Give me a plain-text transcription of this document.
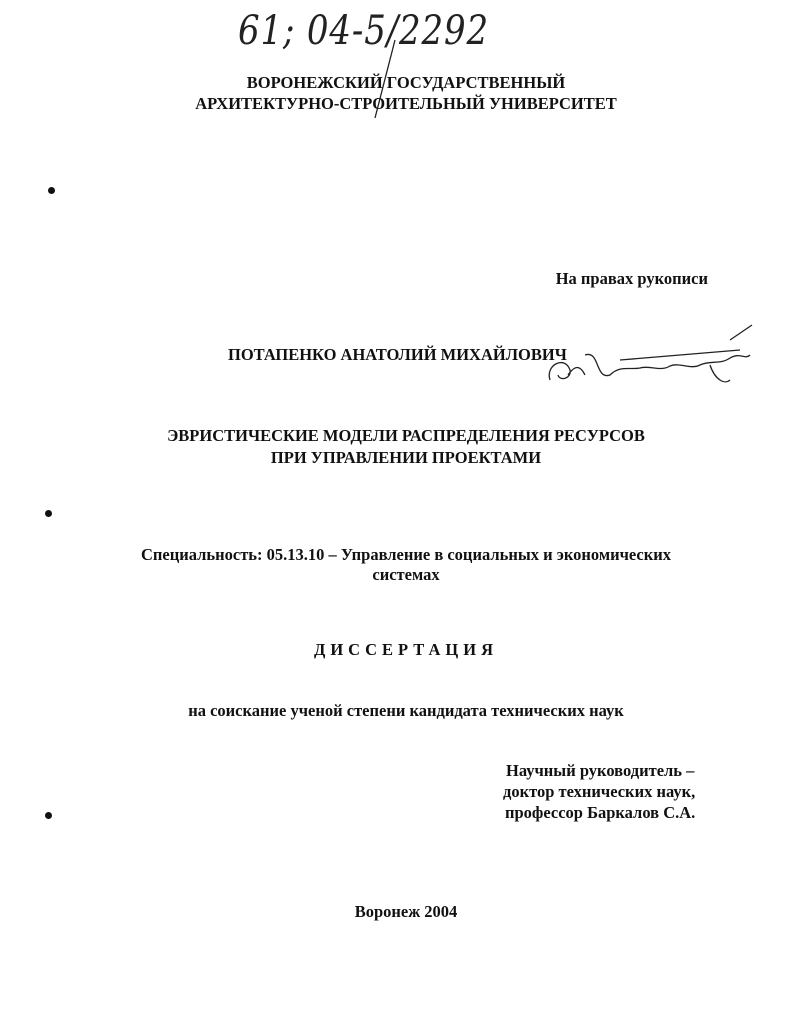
61; 04-5/2292
ВОРОНЕЖСКИЙ ГОСУДАРСТВЕННЫЙ
АРХИТЕКТУРНО-СТРОИТЕЛЬНЫЙ УНИВЕРСИТЕТ
На правах рукописи
ПОТАПЕНКО АНАТОЛИЙ МИХАЙЛОВИЧ
ЭВРИСТИЧЕСКИЕ МОДЕЛИ РАСПРЕДЕЛЕНИЯ РЕСУРСОВ
ПРИ УПРАВЛЕНИИ ПРОЕКТАМИ
Специальность: 05.13.10 – Управление в социальных и экономических
системах
ДИССЕРТАЦИЯ
на соискание ученой степени кандидата технических наук
Научный руководитель –
доктор технических наук,
профессор Баркалов С.А.
Воронеж 2004
